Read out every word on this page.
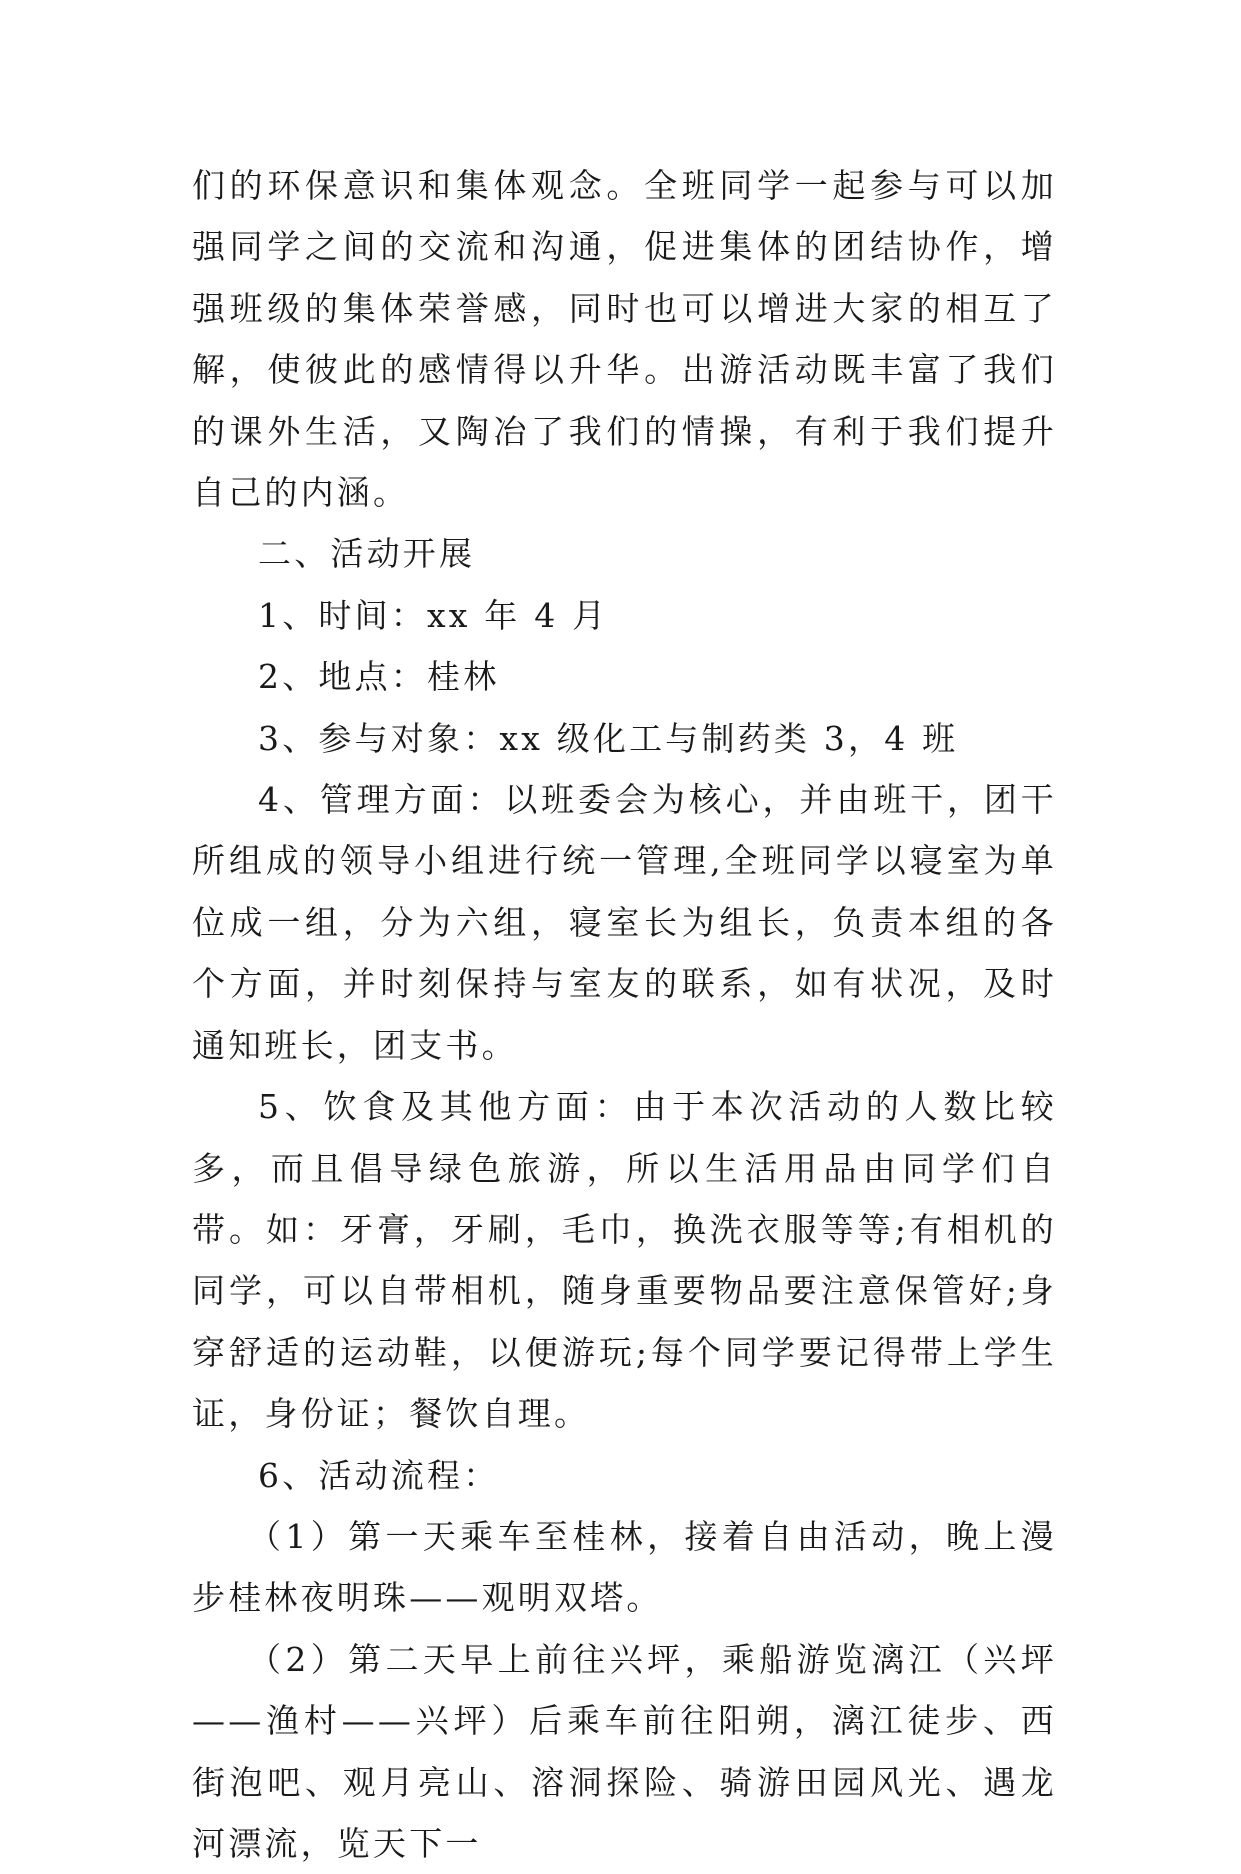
们的环保意识和集体观念。全班同学一起参与可以加强同学之间的交流和沟通，促进集体的团结协作，增强班级的集体荣誉感，同时也可以增进大家的相互了解，使彼此的感情得以升华。出游活动既丰富了我们的课外生活，又陶冶了我们的情操，有利于我们提升自己的内涵。

二、活动开展

1、时间：xx 年 4 月

2、地点：桂林

3、参与对象：xx 级化工与制药类 3，4 班

4、管理方面：以班委会为核心，并由班干，团干所组成的领导小组进行统一管理,全班同学以寝室为单位成一组，分为六组，寝室长为组长，负责本组的各个方面，并时刻保持与室友的联系，如有状况，及时通知班长，团支书。

5、饮食及其他方面：由于本次活动的人数比较多，而且倡导绿色旅游，所以生活用品由同学们自带。如：牙膏，牙刷，毛巾，换洗衣服等等;有相机的同学，可以自带相机，随身重要物品要注意保管好;身穿舒适的运动鞋，以便游玩;每个同学要记得带上学生证，身份证；餐饮自理。

6、活动流程：

（1）第一天乘车至桂林，接着自由活动，晚上漫步桂林夜明珠——观明双塔。

（2）第二天早上前往兴坪，乘船游览漓江（兴坪——渔村——兴坪）后乘车前往阳朔，漓江徒步、西街泡吧、观月亮山、溶洞探险、骑游田园风光、遇龙河漂流，览天下一
